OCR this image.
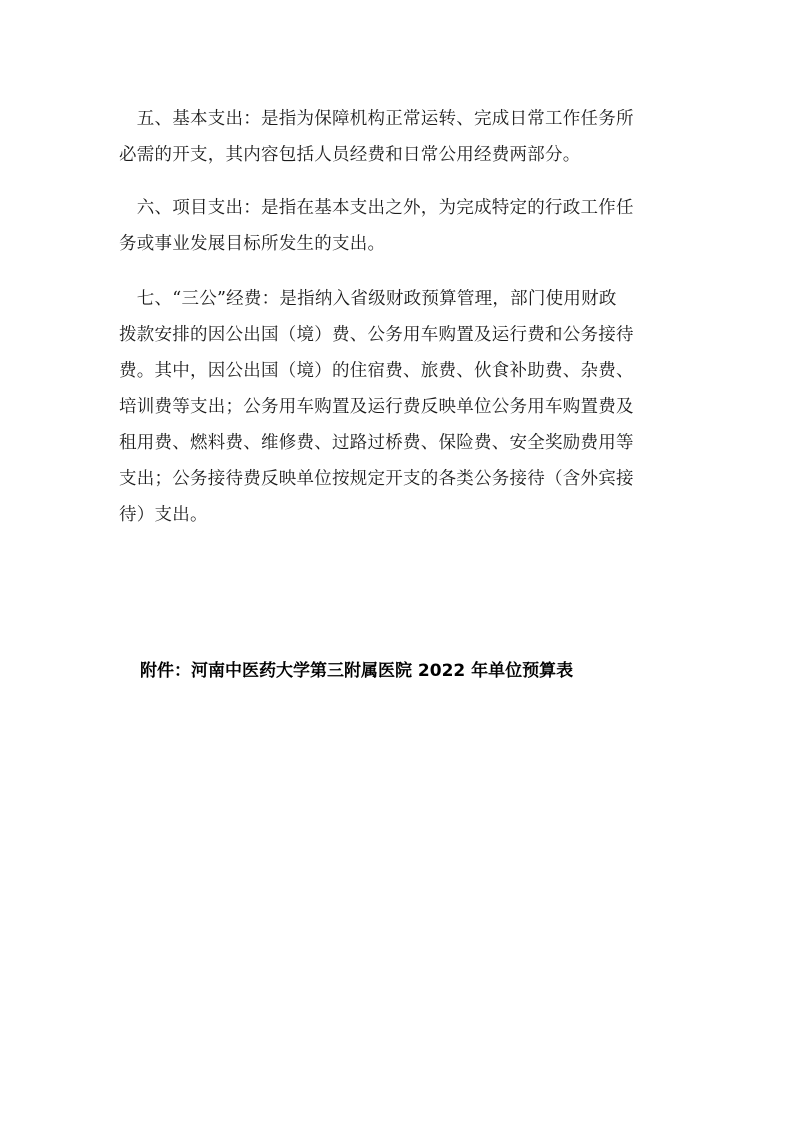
　五、基本支出：是指为保障机构正常运转、完成日常工作任务所
必需的开支，其内容包括人员经费和日常公用经费两部分。
　六、项目支出：是指在基本支出之外，为完成特定的行政工作任
务或事业发展目标所发生的支出。
　七、“三公”经费：是指纳入省级财政预算管理，部门使用财政
拨款安排的因公出国（境）费、公务用车购置及运行费和公务接待
费。其中，因公出国（境）的住宿费、旅费、伙食补助费、杂费、
培训费等支出；公务用车购置及运行费反映单位公务用车购置费及
租用费、燃料费、维修费、过路过桥费、保险费、安全奖励费用等
支出；公务接待费反映单位按规定开支的各类公务接待（含外宾接
待）支出。
附件：河南中医药大学第三附属医院 2022 年单位预算表
